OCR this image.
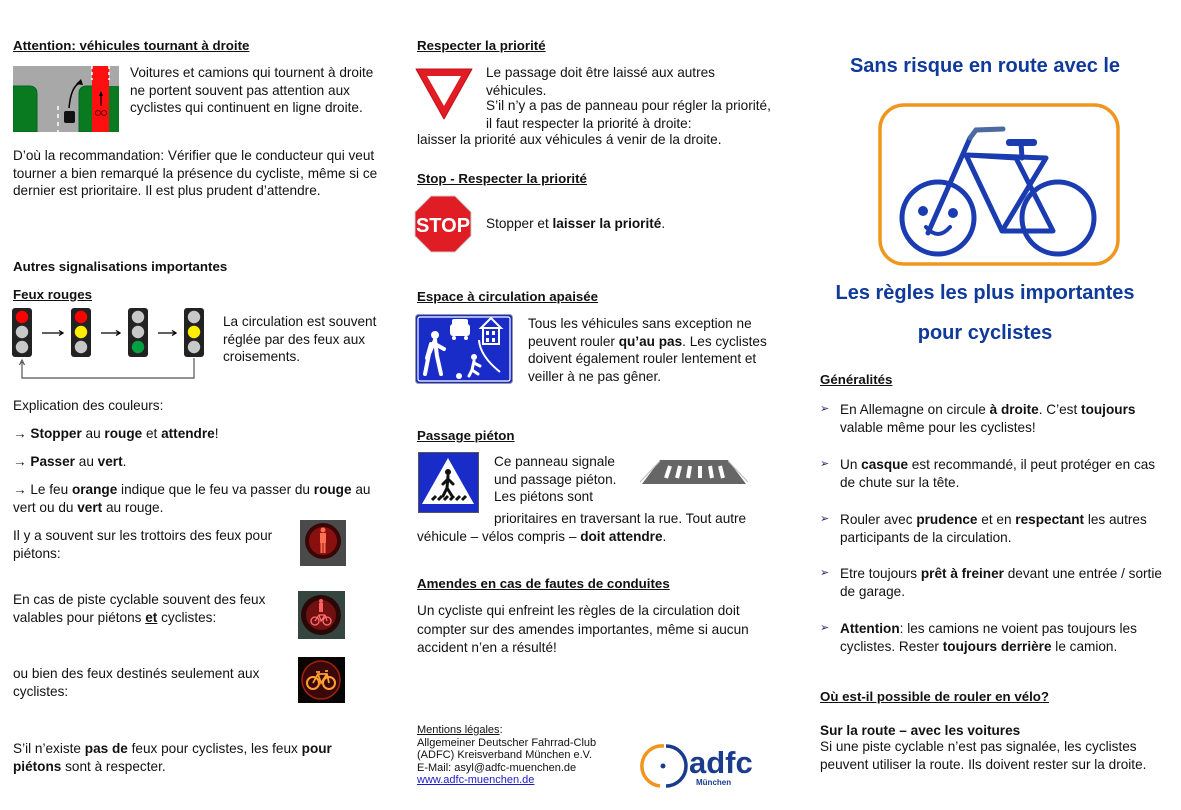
Attention: véhicules tournant à droite

Voitures et camions qui tournent à droite ne portent souvent pas attention aux cyclistes qui continuent en ligne droite.

D’où la recommandation: Vérifier que le conducteur qui veut tourner a bien remarqué la présence du cycliste, même si ce dernier est prioritaire. Il est plus prudent d’attendre.

Autres signalisations importantes
Feux rouges

La circulation est souvent réglée par des feux aux croisements.

Explication des couleurs:

→ Stopper au rouge et attendre!

→ Passer au vert.

→ Le feu orange indique que le feu va passer du rouge au vert ou du vert au rouge.

Il y a souvent sur les trottoirs des feux pour piétons:

En cas de piste cyclable souvent des feux valables pour piétons et cyclistes:

ou bien des feux destinés seulement aux cyclistes:

S’il n’existe pas de feux pour cyclistes, les feux pour piétons sont à respecter.

Respecter la priorité

Le passage doit être laissé aux autres véhicules.

S’il n’y a pas de panneau pour régler la priorité, il faut respecter la priorité à droite:

laisser la priorité aux véhicules á venir de la droite.

Stop - Respecter la priorité
STOP Stopper et laisser la priorité.

Espace à circulation apaisée

Tous les véhicules sans exception ne peuvent rouler qu’au pas. Les cyclistes doivent également rouler lentement et veiller à ne pas gêner.

Passage piéton

Ce panneau signale und passage piéton. Les piétons sont

prioritaires en traversant la rue. Tout autre

véhicule – vélos compris – doit attendre.

Amendes en cas de fautes de conduites

Un cycliste qui enfreint les règles de la circulation doit compter sur des amendes importantes, même si aucun accident n’en a résulté!

Mentions légales:
Allgemeiner Deutscher Fahrrad-Club
(ADFC) Kreisverband München e.V.
E-Mail: asyl@adfc-muenchen.de
www.adfc-muenchen.de	adfc
München
Sans risque en route avec le
Les règles les plus importantes
pour cyclistes
Généralités
➢ En Allemagne on circule à droite. C’est toujours valable même pour les cyclistes!

➢ Un casque est recommandé, il peut protéger en cas de chute sur la tête.

➢ Rouler avec prudence et en respectant les autres participants de la circulation.

➢ Etre toujours prêt à freiner devant une entrée / sortie de garage.

➢ Attention: les camions ne voient pas toujours les cyclistes. Rester toujours derrière le camion.

Où est-il possible de rouler en vélo?
Sur la route – avec les voitures

Si une piste cyclable n’est pas signalée, les cyclistes peuvent utiliser la route. Ils doivent rester sur la droite.
